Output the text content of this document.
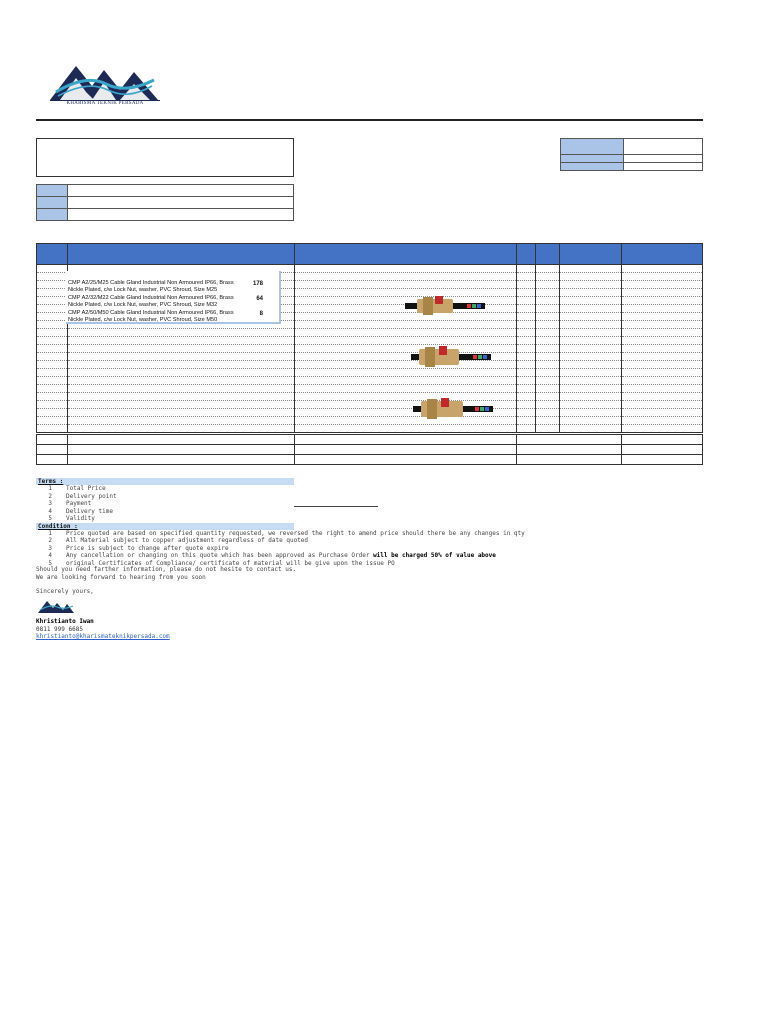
KHARISMA TEKNIK PERSADA

CMP A2/25/M25 Cable Gland Industrial Non Armoured IP66, Brass Nickle Plated, c/w Lock Nut, washer, PVC Shroud, Size M25
178
CMP A2/32/M22 Cable Gland Industrial Non Armoured IP66, Brass Nickle Plated, c/w Lock Nut, washer, PVC Shroud, Size M32
64
CMP A2/50/M50 Cable Gland Industrial Non Armoured IP66, Brass Nickle Plated, c/w Lock Nut, washer, PVC Shroud, Size M50
8
Terms :
1	Total Price
2	Delivery point
3	Payment
4	Delivery time
5	Validity
Condition :
1	Price quoted are based on specified quantity requested, we reversed the right to amend price should there be any changes in qty
2	All Material subject to copper adjustment regardless of date quoted
3	Price is subject to change after quote expire
4	Any cancellation or changing on this quote which has been approved as Purchase Order
will be charged 50% of value above
5	original Certificates of Compliance/ certificate of material will be give upon the issue PO
Should you need farther information, please do not hesite to contact us.
We are looking forward to hearing from you soon
Sincerely yours,
Khristianto Iwan
0811 999 6685
khristianto@kharismateknikpersada.com
